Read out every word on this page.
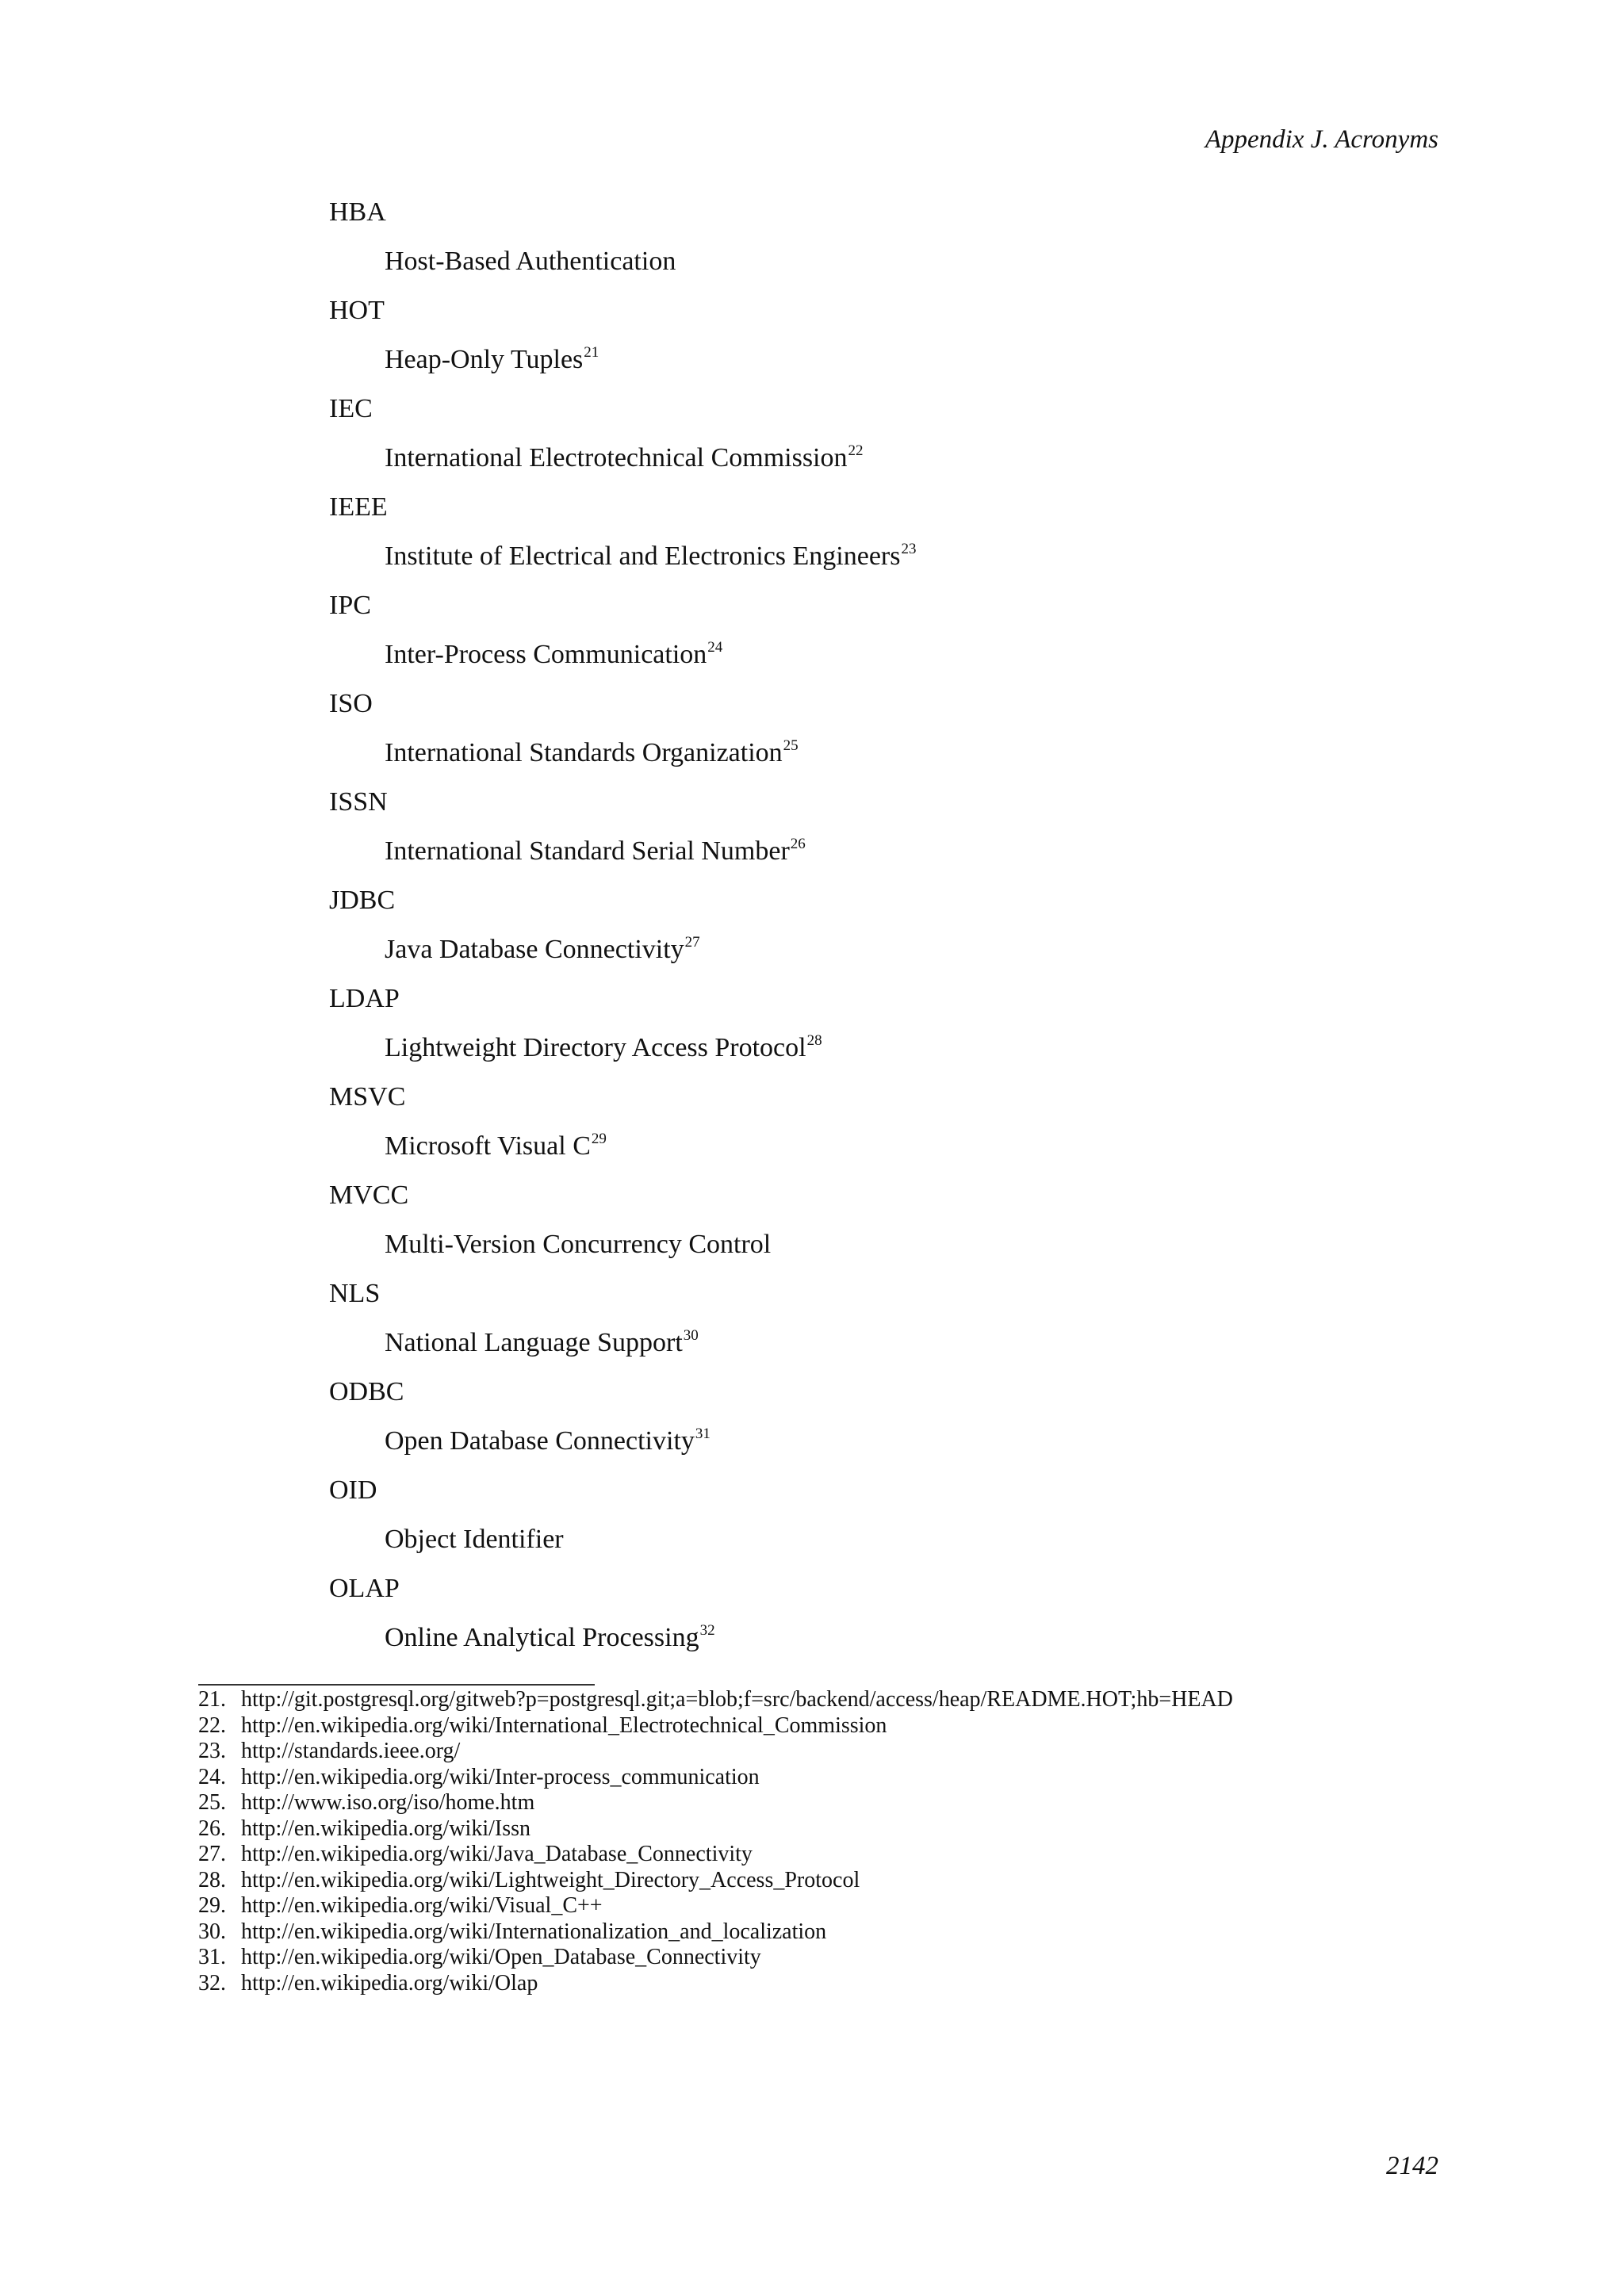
Appendix J. Acronyms
HBA
Host-Based Authentication
HOT
Heap-Only Tuples$^{21}$
IEC
International Electrotechnical Commission$^{22}$
IEEE
Institute of Electrical and Electronics Engineers$^{23}$
IPC
Inter-Process Communication$^{24}$
ISO
International Standards Organization$^{25}$
ISSN
International Standard Serial Number$^{26}$
JDBC
Java Database Connectivity$^{27}$
LDAP
Lightweight Directory Access Protocol$^{28}$
MSVC
Microsoft Visual $C^{29}$
MVCC
Multi-Version Concurrency Control
NLS
National Language Support$^{30}$
ODBC
Open Database Connectivity$^{31}$
OID
Object Identifier
OLAP
Online Analytical Processing$^{32}$
21. http://git.postgresql.org/gitweb?p=postgresql.git;a=blob;f=src/backend/access/heap/README.HOT;hb=HEAD
22. http://en.wikipedia.org/wiki/International_Electrotechnical_Commission
23. http://standards.ieee.org/
24. http://en.wikipedia.org/wiki/Inter-process_communication
25. http://www.iso.org/iso/home.htm
26. http://en.wikipedia.org/wiki/Issn
27. http://en.wikipedia.org/wiki/Java_Database_Connectivity
28. http://en.wikipedia.org/wiki/Lightweight_Directory_Access_Protocol
29. http://en.wikipedia.org/wiki/Visual_C++
30. http://en.wikipedia.org/wiki/Internationalization_and_localization
31. http://en.wikipedia.org/wiki/Open_Database_Connectivity
32. http://en.wikipedia.org/wiki/Olap
2142
